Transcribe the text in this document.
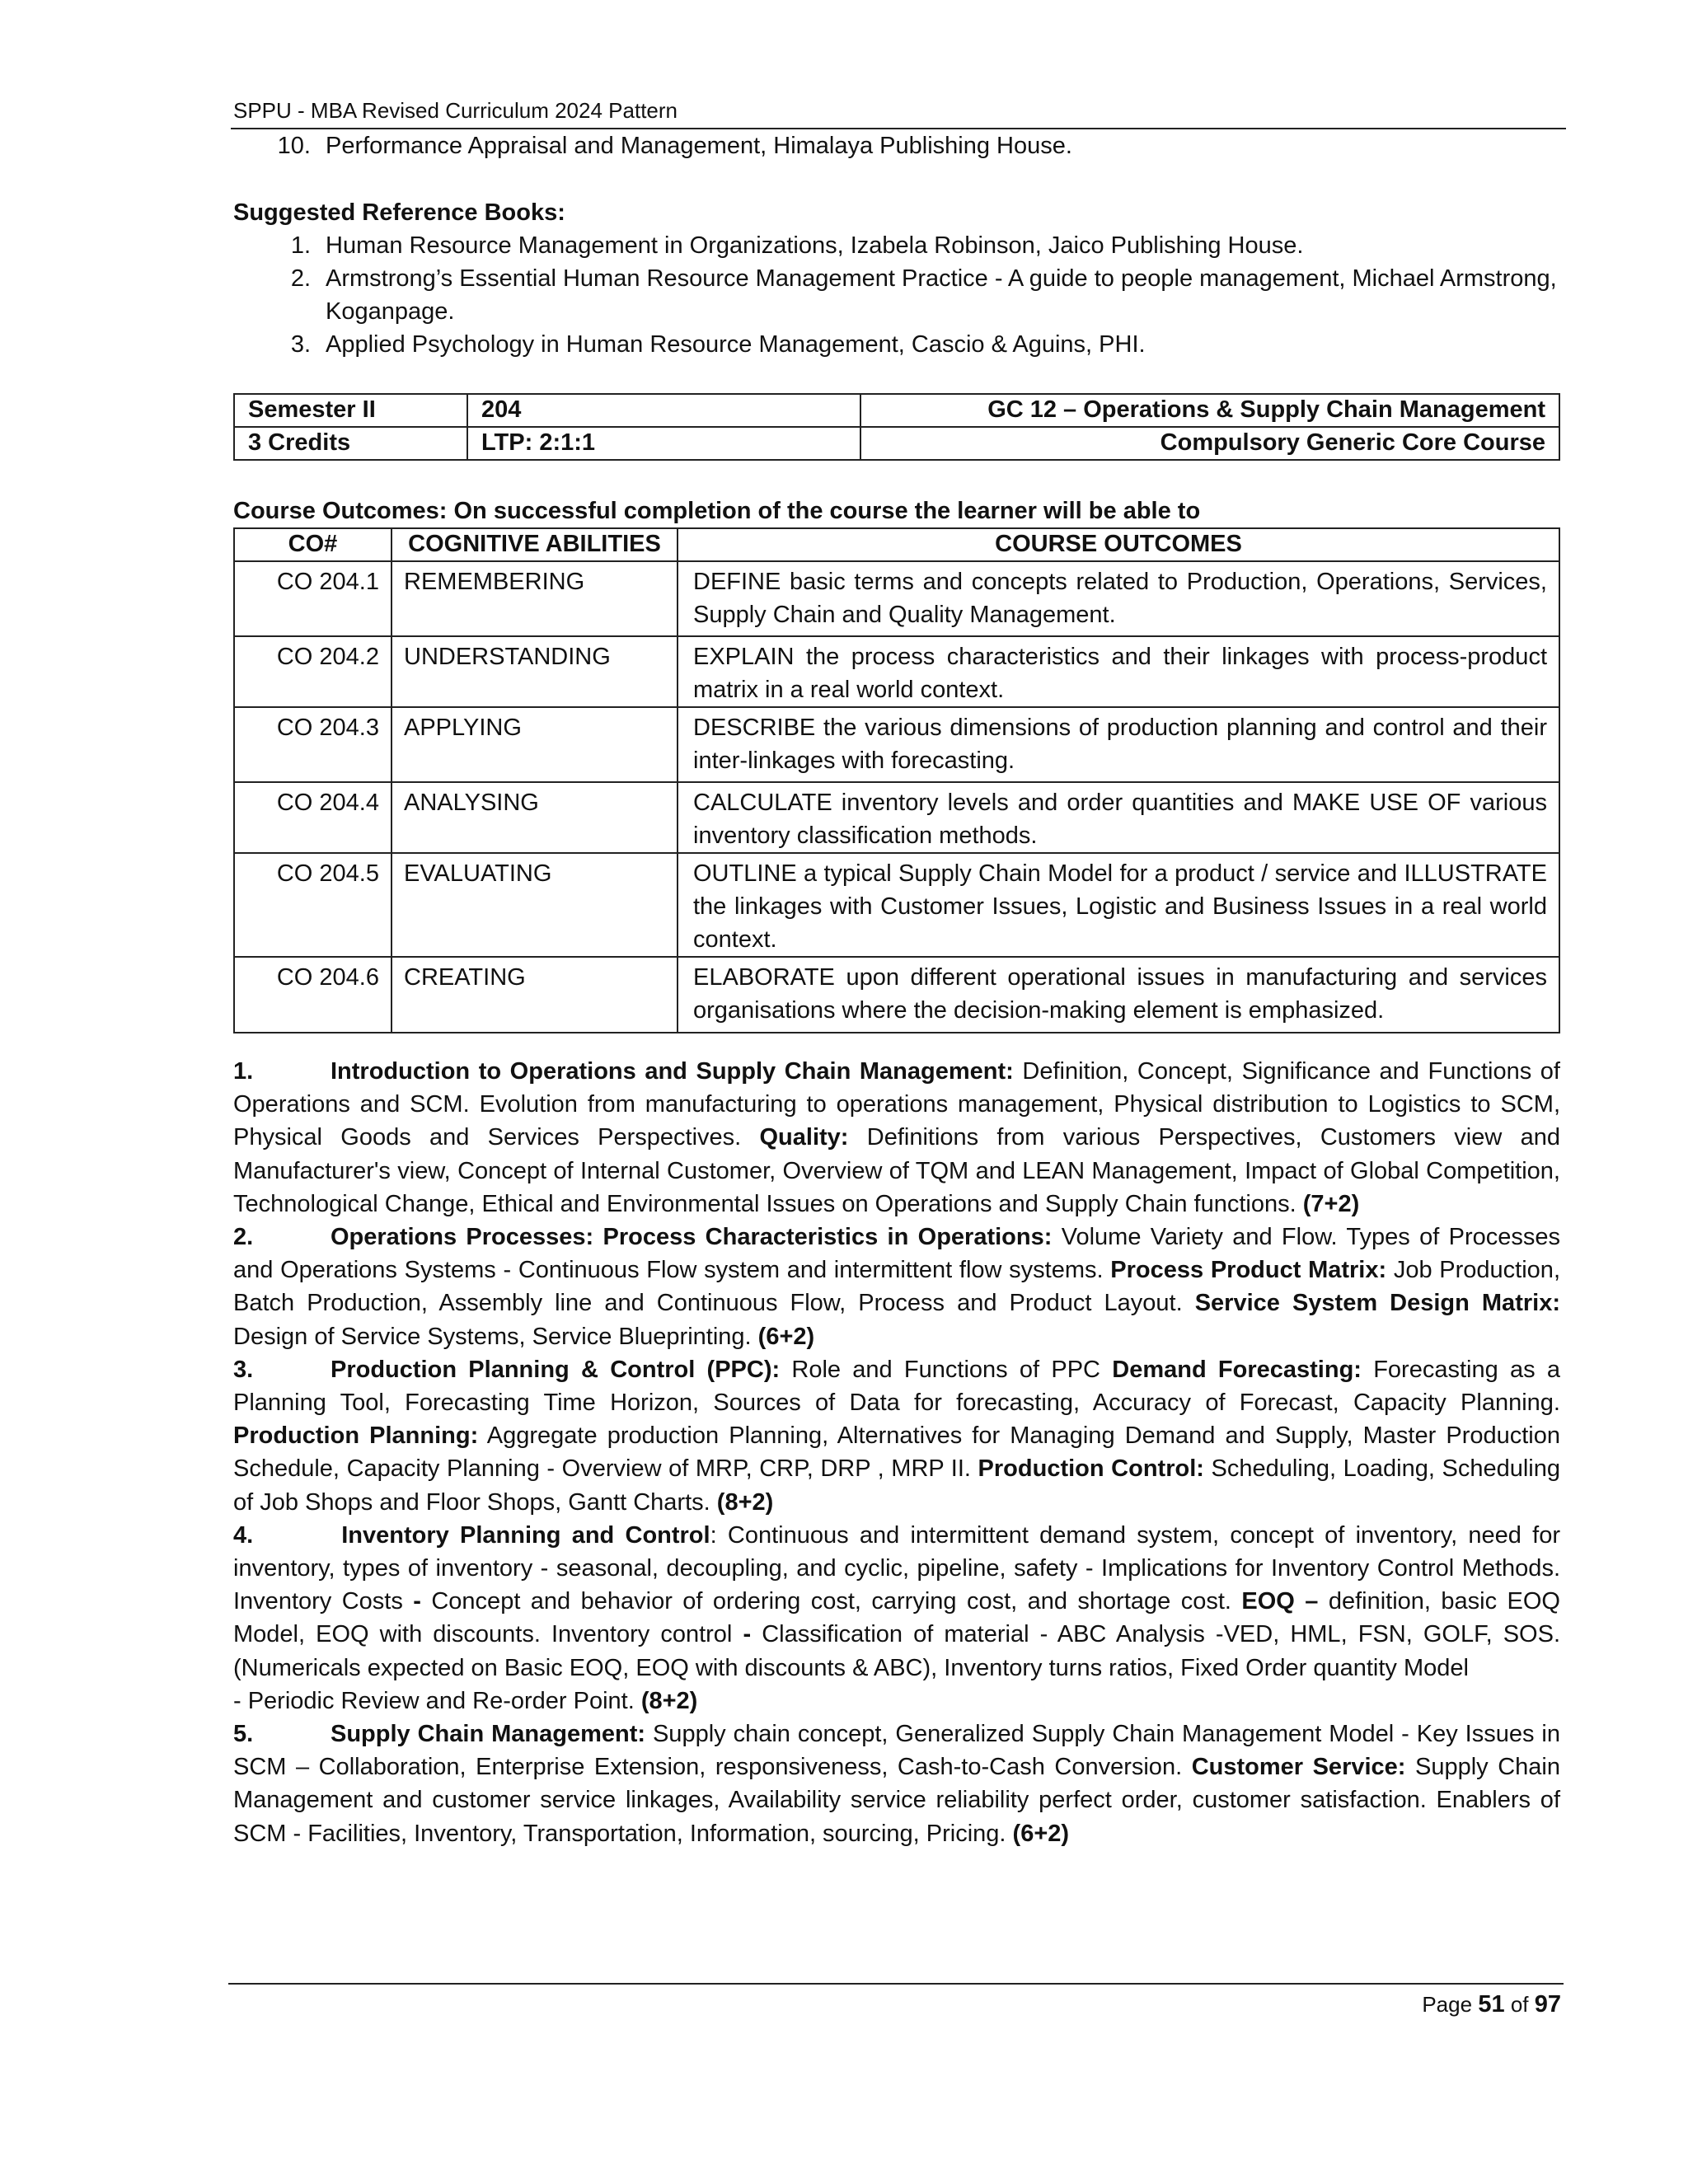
SPPU - MBA Revised Curriculum 2024 Pattern
10. Performance Appraisal and Management, Himalaya Publishing House.
Suggested Reference Books:
1. Human Resource Management in Organizations, Izabela Robinson, Jaico Publishing House.
2. Armstrong’s Essential Human Resource Management Practice - A guide to people management, Michael Armstrong, Koganpage.
3. Applied Psychology in Human Resource Management, Cascio & Aguins, PHI.
Semester II	204	GC 12 – Operations & Supply Chain Management
3 Credits	LTP: 2:1:1	Compulsory Generic Core Course
Course Outcomes: On successful completion of the course the learner will be able to
CO#	COGNITIVE ABILITIES	COURSE OUTCOMES
CO 204.1	REMEMBERING	DEFINE basic terms and concepts related to Production, Operations, Services, Supply Chain and Quality Management.
CO 204.2	UNDERSTANDING	EXPLAIN the process characteristics and their linkages with process-product matrix in a real world context.
CO 204.3	APPLYING	DESCRIBE the various dimensions of production planning and control and their inter-linkages with forecasting.
CO 204.4	ANALYSING	CALCULATE inventory levels and order quantities and MAKE USE OF various inventory classification methods.
CO 204.5	EVALUATING	OUTLINE a typical Supply Chain Model for a product / service and ILLUSTRATE the linkages with Customer Issues, Logistic and Business Issues in a real world context.
CO 204.6	CREATING	ELABORATE upon different operational issues in manufacturing and services organisations where the decision-making element is emphasized.

1.	Introduction to Operations and Supply Chain Management: Definition, Concept, Significance and Functions of Operations and SCM. Evolution from manufacturing to operations management, Physical distribution to Logistics to SCM, Physical Goods and Services Perspectives. Quality: Definitions from various Perspectives, Customers view and Manufacturer's view, Concept of Internal Customer, Overview of TQM and LEAN Management, Impact of Global Competition, Technological Change, Ethical and Environmental Issues on Operations and Supply Chain functions. (7+2)

2.	Operations Processes: Process Characteristics in Operations: Volume Variety and Flow. Types of Processes and Operations Systems - Continuous Flow system and intermittent flow systems. Process Product Matrix: Job Production, Batch Production, Assembly line and Continuous Flow, Process and Product Layout. Service System Design Matrix: Design of Service Systems, Service Blueprinting. (6+2)

3.	Production Planning & Control (PPC): Role and Functions of PPC Demand Forecasting: Forecasting as a Planning Tool, Forecasting Time Horizon, Sources of Data for forecasting, Accuracy of Forecast, Capacity Planning. Production Planning: Aggregate production Planning, Alternatives for Managing Demand and Supply, Master Production Schedule, Capacity Planning - Overview of MRP, CRP, DRP , MRP II. Production Control: Scheduling, Loading, Scheduling of Job Shops and Floor Shops, Gantt Charts. (8+2)

4.	Inventory Planning and Control: Continuous and intermittent demand system, concept of inventory, need for inventory, types of inventory - seasonal, decoupling, and cyclic, pipeline, safety - Implications for Inventory Control Methods. Inventory Costs - Concept and behavior of ordering cost, carrying cost, and shortage cost. EOQ – definition, basic EOQ Model, EOQ with discounts. Inventory control - Classification of material - ABC Analysis -VED, HML, FSN, GOLF, SOS. (Numericals expected on Basic EOQ, EOQ with discounts & ABC), Inventory turns ratios, Fixed Order quantity Model
- Periodic Review and Re-order Point. (8+2)

5.	Supply Chain Management: Supply chain concept, Generalized Supply Chain Management Model - Key Issues in SCM – Collaboration, Enterprise Extension, responsiveness, Cash-to-Cash Conversion. Customer Service: Supply Chain Management and customer service linkages, Availability service reliability perfect order, customer satisfaction. Enablers of SCM - Facilities, Inventory, Transportation, Information, sourcing, Pricing. (6+2)

Page 51 of 97
